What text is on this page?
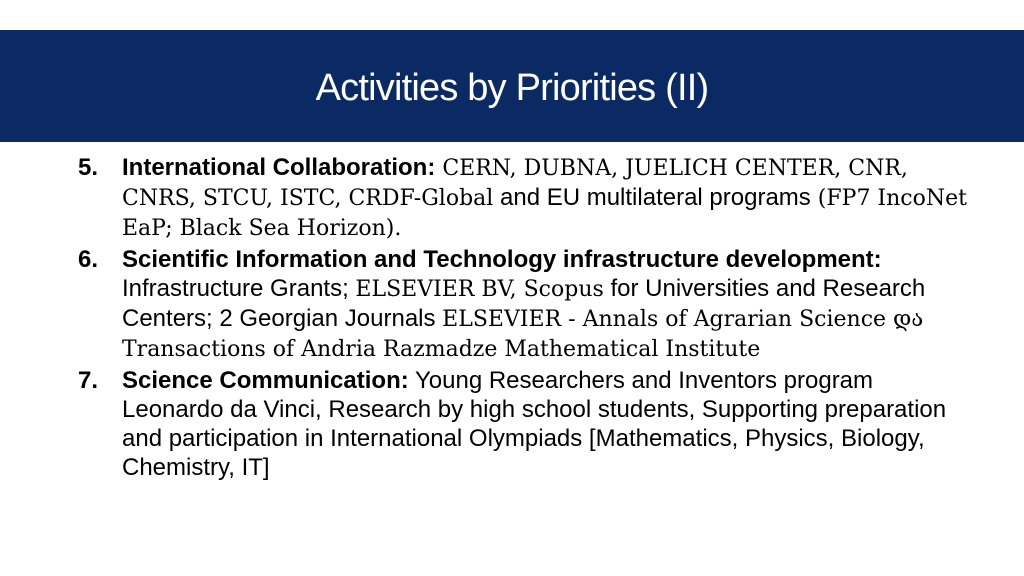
Activities by Priorities (II)
5. International Collaboration: CERN, DUBNA, JUELICH CENTER, CNR, CNRS, STCU, ISTC, CRDF-Global and EU multilateral programs (FP7 IncoNet EaP; Black Sea Horizon).
6. Scientific Information and Technology infrastructure development: Infrastructure Grants; ELSEVIER BV, Scopus for Universities and Research Centers; 2 Georgian Journals ELSEVIER - Annals of Agrarian Science და Transactions of Andria Razmadze Mathematical Institute
7. Science Communication: Young Researchers and Inventors program Leonardo da Vinci, Research by high school students, Supporting preparation and participation in International Olympiads [Mathematics, Physics, Biology, Chemistry, IT]
